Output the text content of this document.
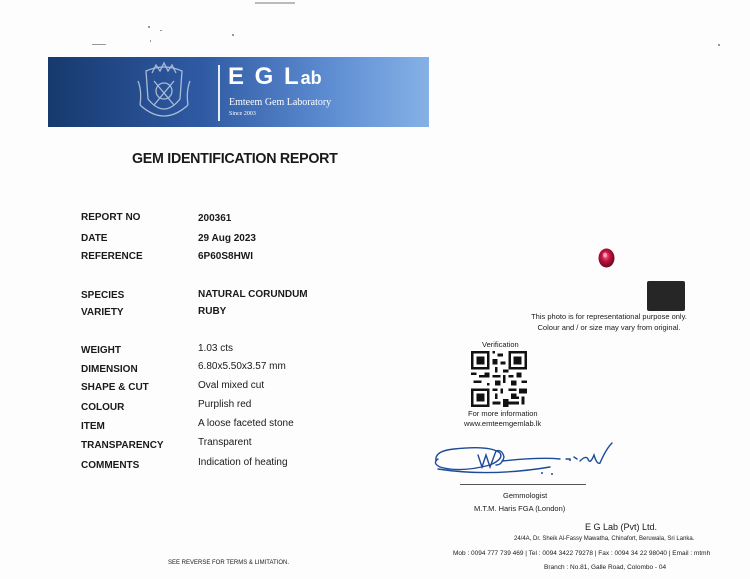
E G Lab
Emteem Gem Laboratory
Since 2003
GEM IDENTIFICATION REPORT
REPORT NO	200361
DATE	29 Aug 2023
REFERENCE	6P60S8HWI
SPECIES	NATURAL CORUNDUM
VARIETY	RUBY
WEIGHT	1.03 cts
DIMENSION	6.80x5.50x3.57 mm
SHAPE & CUT	Oval mixed cut
COLOUR	Purplish red
ITEM	A loose faceted stone
TRANSPARENCY	Transparent
COMMENTS	Indication of heating
This photo is for representational purpose only.
Colour and / or size may vary from original.
Verification
For more information
www.emteemgemlab.lk
Gemmologist
M.T.M. Haris FGA (London)
E G Lab (Pvt) Ltd.
24/4A, Dr. Sheik Al-Fassy Mawatha, Chinafort, Beruwala, Sri Lanka.
Mob : 0094 777 739 469 | Tel : 0094 3422 79278 | Fax : 0094 34 22 98040 | Email : mtmh
Branch : No.81, Galle Road, Colombo - 04
SEE REVERSE FOR TERMS & LIMITATION.
